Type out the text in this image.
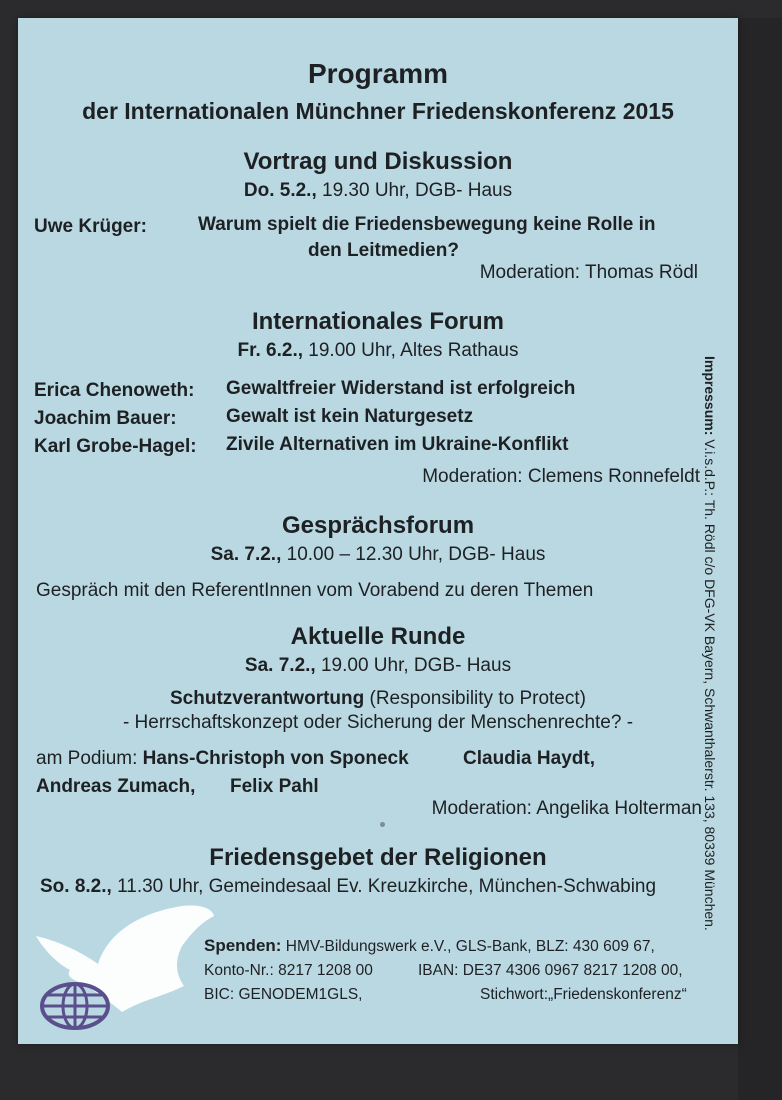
Programm
der Internationalen Münchner Friedenskonferenz 2015
Vortrag und Diskussion
Do. 5.2., 19.30 Uhr, DGB- Haus
Uwe Krüger:	Warum spielt die Friedensbewegung keine Rolle in
den Leitmedien?
Moderation: Thomas Rödl
Internationales Forum
Fr. 6.2., 19.00 Uhr, Altes Rathaus
Erica Chenoweth: Gewaltfreier Widerstand ist erfolgreich
Joachim Bauer:	Gewalt ist kein Naturgesetz
Karl Grobe-Hagel: Zivile Alternativen im Ukraine-Konflikt
Moderation: Clemens Ronnefeldt
Gesprächsforum
Sa. 7.2., 10.00 – 12.30 Uhr, DGB- Haus
Gespräch mit den ReferentInnen vom Vorabend zu deren Themen
Aktuelle Runde
Sa. 7.2., 19.00 Uhr, DGB- Haus
Schutzverantwortung (Responsibility to Protect)
- Herrschaftskonzept oder Sicherung der Menschenrechte? -
am Podium: Hans-Christoph von Sponeck	Claudia Haydt,
Andreas Zumach, Felix Pahl
Moderation: Angelika Holterman
Friedensgebet der Religionen
So. 8.2., 11.30 Uhr, Gemeindesaal Ev. Kreuzkirche, München-Schwabing
Spenden: HMV-Bildungswerk e.V., GLS-Bank, BLZ: 430 609 67,
Konto-Nr.: 8217 1208 00	IBAN: DE37 4306 0967 8217 1208 00,
BIC: GENODEM1GLS,	Stichwort:„Friedenskonferenz“
Impressum: V.i.s.d.P.: Th. Rödl c/o DFG-VK Bayern, Schwanthalerstr. 133, 80339 München.
